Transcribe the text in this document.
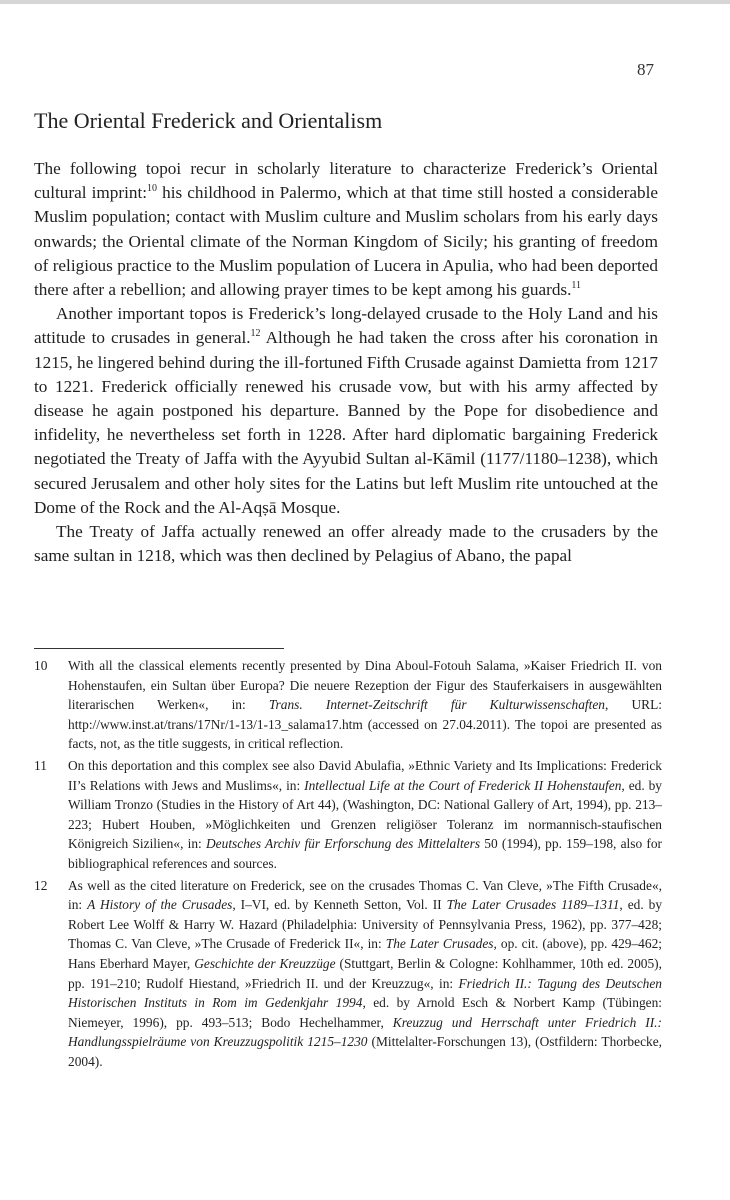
87
The Oriental Frederick and Orientalism

The following topoi recur in scholarly literature to characterize Frederick’s Oriental cultural imprint:$^{10}$ his childhood in Palermo, which at that time still hosted a considerable Muslim population; contact with Muslim culture and Muslim scholars from his early days onwards; the Oriental climate of the Norman Kingdom of Sicily; his granting of freedom of religious practice to the Muslim population of Lucera in Apulia, who had been deported there after a rebellion; and allowing prayer times to be kept among his guards.$^{11}$

Another important topos is Frederick’s long-delayed crusade to the Holy Land and his attitude to crusades in general.$^{12}$ Although he had taken the cross after his coronation in 1215, he lingered behind during the ill-fortuned Fifth Crusade against Damietta from 1217 to 1221. Frederick officially renewed his crusade vow, but with his army affected by disease he again postponed his departure. Banned by the Pope for disobedience and infidelity, he nevertheless set forth in 1228. After hard diplomatic bargaining Frederick negotiated the Treaty of Jaffa with the Ayyubid Sultan al-Kāmil (1177/1180–1238), which secured Jerusalem and other holy sites for the Latins but left Muslim rite untouched at the Dome of the Rock and the Al-Aqṣā Mosque.

The Treaty of Jaffa actually renewed an offer already made to the crusaders by the same sultan in 1218, which was then declined by Pelagius of Abano, the papal

10	With all the classical elements recently presented by Dina Aboul-Fotouh Salama, »Kaiser Friedrich II. von Hohenstaufen, ein Sultan über Europa? Die neuere Rezeption der Figur des Stauferkaisers in ausgewählten literarischen Werken«, in: Trans. Internet-Zeitschrift für Kulturwissenschaften, URL: http://www.inst.at/trans/17Nr/1-13/1-13_salama17.htm (accessed on 27.04.2011). The topoi are presented as facts, not, as the title suggests, in critical reflection.
11	On this deportation and this complex see also David Abulafia, »Ethnic Variety and Its Implications: Frederick II’s Relations with Jews and Muslims«, in: Intellectual Life at the Court of Frederick II Hohenstaufen, ed. by William Tronzo (Studies in the History of Art 44), (Washington, DC: National Gallery of Art, 1994), pp. 213–223; Hubert Houben, »Möglichkeiten und Grenzen religiöser Toleranz im normannisch-staufischen Königreich Sizilien«, in: Deutsches Archiv für Erforschung des Mittelalters 50 (1994), pp. 159–198, also for bibliographical references and sources.
12	As well as the cited literature on Frederick, see on the crusades Thomas C. Van Cleve, »The Fifth Crusade«, in: A History of the Crusades, I–VI, ed. by Kenneth Setton, Vol. II The Later Crusades 1189–1311, ed. by Robert Lee Wolff & Harry W. Hazard (Philadelphia: University of Pennsylvania Press, 1962), pp. 377–428; Thomas C. Van Cleve, »The Crusade of Frederick II«, in: The Later Crusades, op. cit. (above), pp. 429–462; Hans Eberhard Mayer, Geschichte der Kreuzzüge (Stuttgart, Berlin & Cologne: Kohlhammer, 10th ed. 2005), pp. 191–210; Rudolf Hiestand, »Friedrich II. und der Kreuzzug«, in: Friedrich II.: Tagung des Deutschen Historischen Instituts in Rom im Gedenkjahr 1994, ed. by Arnold Esch & Norbert Kamp (Tübingen: Niemeyer, 1996), pp. 493–513; Bodo Hechelhammer, Kreuzzug und Herrschaft unter Friedrich II.: Handlungsspielräume von Kreuzzugspolitik 1215–1230 (Mittelalter-Forschungen 13), (Ostfildern: Thorbecke, 2004).
